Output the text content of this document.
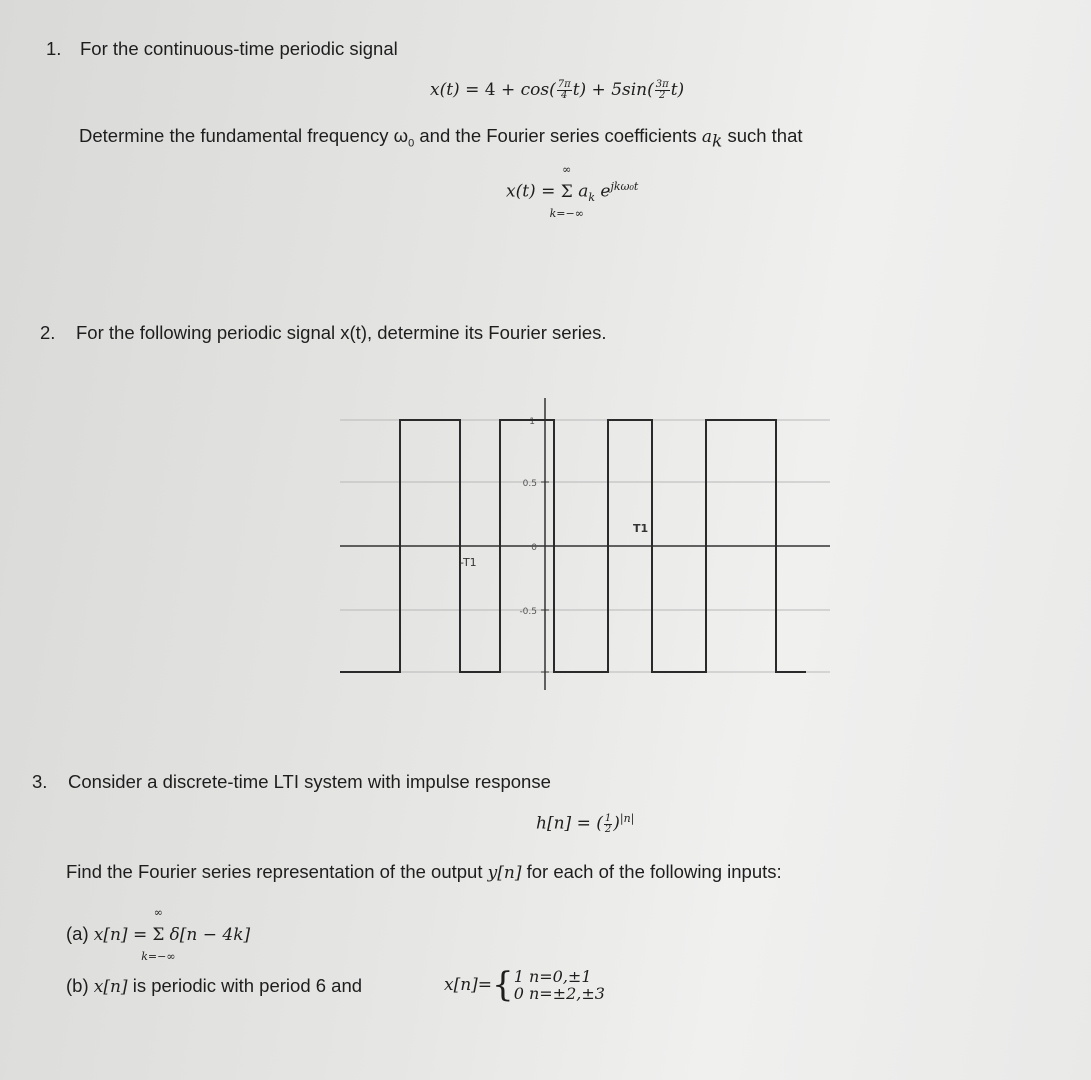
1. For the continuous-time periodic signal
$x(t) = 4 + \cos( \frac{7\pi}{4} t) + 5\sin( \frac{3\pi}{2} t)$
Determine the fundamental frequency $\omega_0$ and the Fourier series coefficients $a_k$ such that
x(t) =
∞
Σ
k=−∞
$a_k$ $e^{jk\omega_0t}$
2. For the following periodic signal x(t), determine its Fourier series.
1
0.5
0
-0.5
-T1
T1
3. Consider a discrete-time LTI system with impulse response
h[n] = ( $\frac{1}{2} )^{|n|}$
Find the Fourier series representation of the output y[n] for each of the following inputs:
(a) x[n] =
∞
Σ
k=−∞
δ[n − 4k]
(b) x[n] is periodic with period 6 and	x[n]={ 1 n=0,±1
0 n=±2,±3
